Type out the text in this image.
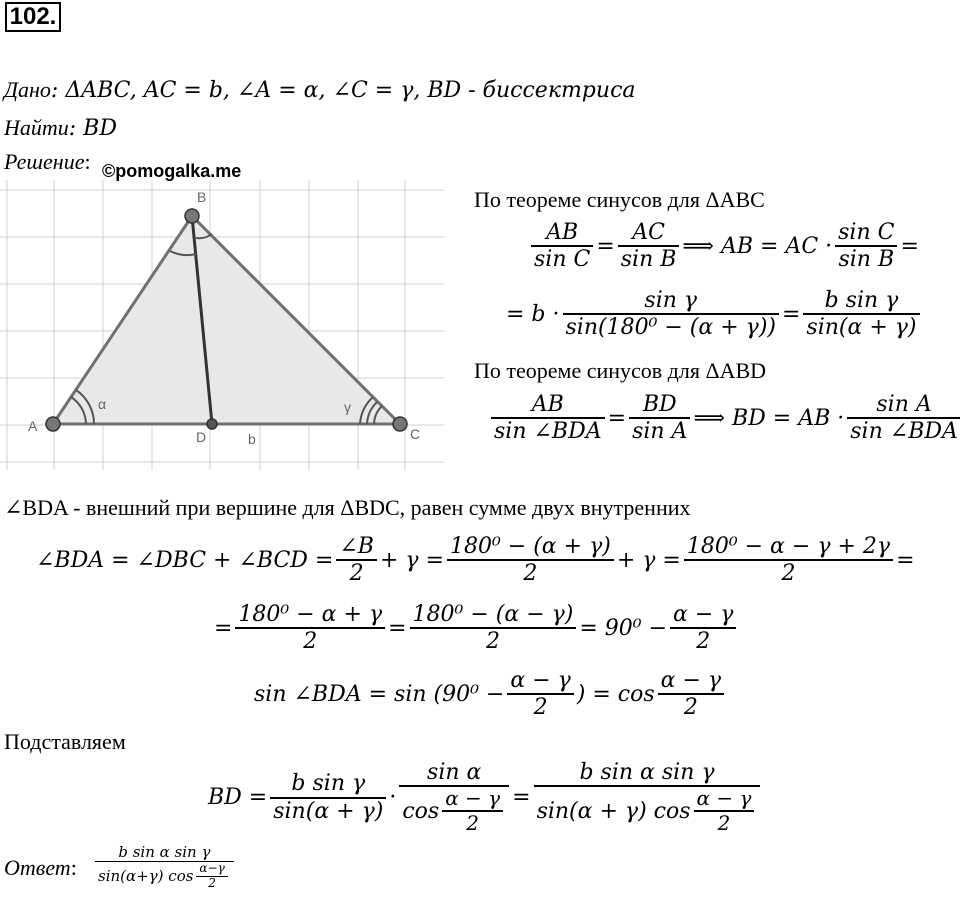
102.
Дано: ΔABC, AC = b, ∠A = α, ∠C = γ, BD - биссектриса
Найти: BD
Решение: ©pomogalka.me
A
B
C
D	b
α	γ
По теореме синусов для ΔABC
$\frac{AB}{\text{sin C}} = \frac{AC}{\text{sin B}}$ ⟹ AB = AC · $\frac{\text{sin C}}{\text{sin B}}$ =
= $b \cdot \frac{\text{sin γ}}{\text{sin(180⁰ − (α + γ))}} = \frac{\text{b sin γ}}{\sin(\alpha + \gamma)}$
По теореме синусов для ΔABD
$\frac{AB}{\text{sin ∠BDA}} = \frac{BD}{\text{sin A}}$ ⟹ BD = AB · $\frac{\text{sin A}}{\text{sin ∠BDA}}$
∠BDA - внешний при вершине для ΔBDC, равен сумме двух внутренних
∠BDA = ∠DBC + ∠BCD = $\frac{\angle B}{2} + \gamma = \frac{\text{180⁰ − (α + γ)}}{2} + \gamma = \frac{\text{180⁰ − α − γ + 2γ}}{2}$ =
= $\frac{\text{180⁰ − α + γ}}{2} = \frac{\text{180⁰ − (α − γ)}}{2} = 90^0 - \frac{\alpha - \gamma}{2}$
sin ∠BDA = $\sin (90^0 - \frac{\alpha - \gamma}{2}$ ) = $\cos \frac{\alpha - \gamma}{2}$
Подставляем
BD = $\frac{\text{b sin γ}}{\sin(\alpha + \gamma)} \cdot \frac{\text{sin α}}{\cos \frac{\alpha - \gamma}{2}} = \frac{\text{b sin α sin γ}}{\sin(\alpha + \gamma) \cos \frac{\alpha - \gamma}{2}}$
Ответ: $\frac{\text{b sin α sin γ}}{\sin(\alpha+\gamma) \cos \frac{\alpha-\gamma}{2}}$
